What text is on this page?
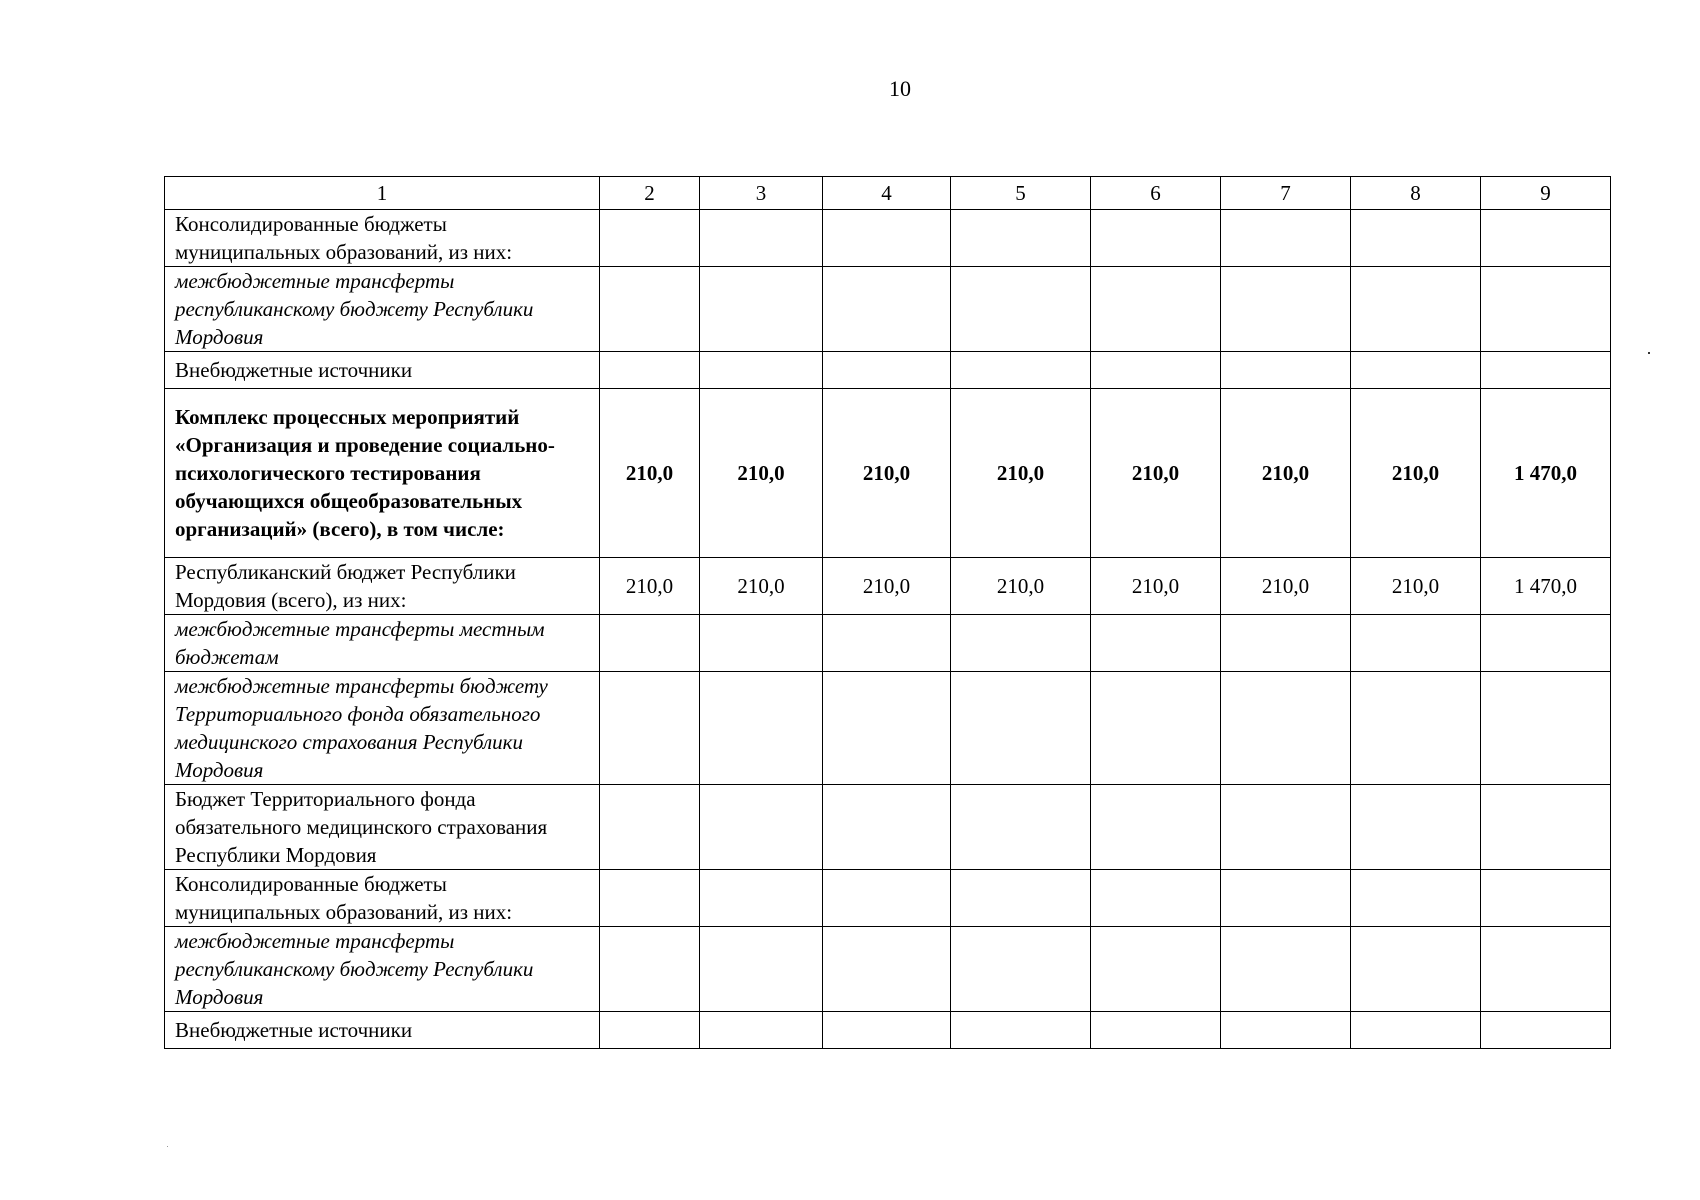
10
1	2	3	4	5	6	7	8	9
Консолидированные бюджеты муниципальных образований, из них:								
межбюджетные трансферты республиканскому бюджету Республики Мордовия								
Внебюджетные источники								
Комплекс процессных мероприятий «Организация и проведение социально-психологического тестирования обучающихся общеобразовательных организаций» (всего), в том числе:	210,0	210,0	210,0	210,0	210,0	210,0	210,0	1 470,0
Республиканский бюджет Республики Мордовия (всего), из них:	210,0	210,0	210,0	210,0	210,0	210,0	210,0	1 470,0
межбюджетные трансферты местным бюджетам								
межбюджетные трансферты бюджету Территориального фонда обязательного медицинского страхования Республики Мордовия								
Бюджет Территориального фонда обязательного медицинского страхования Республики Мордовия								
Консолидированные бюджеты муниципальных образований, из них:								
межбюджетные трансферты республиканскому бюджету Республики Мордовия								
Внебюджетные источники								
